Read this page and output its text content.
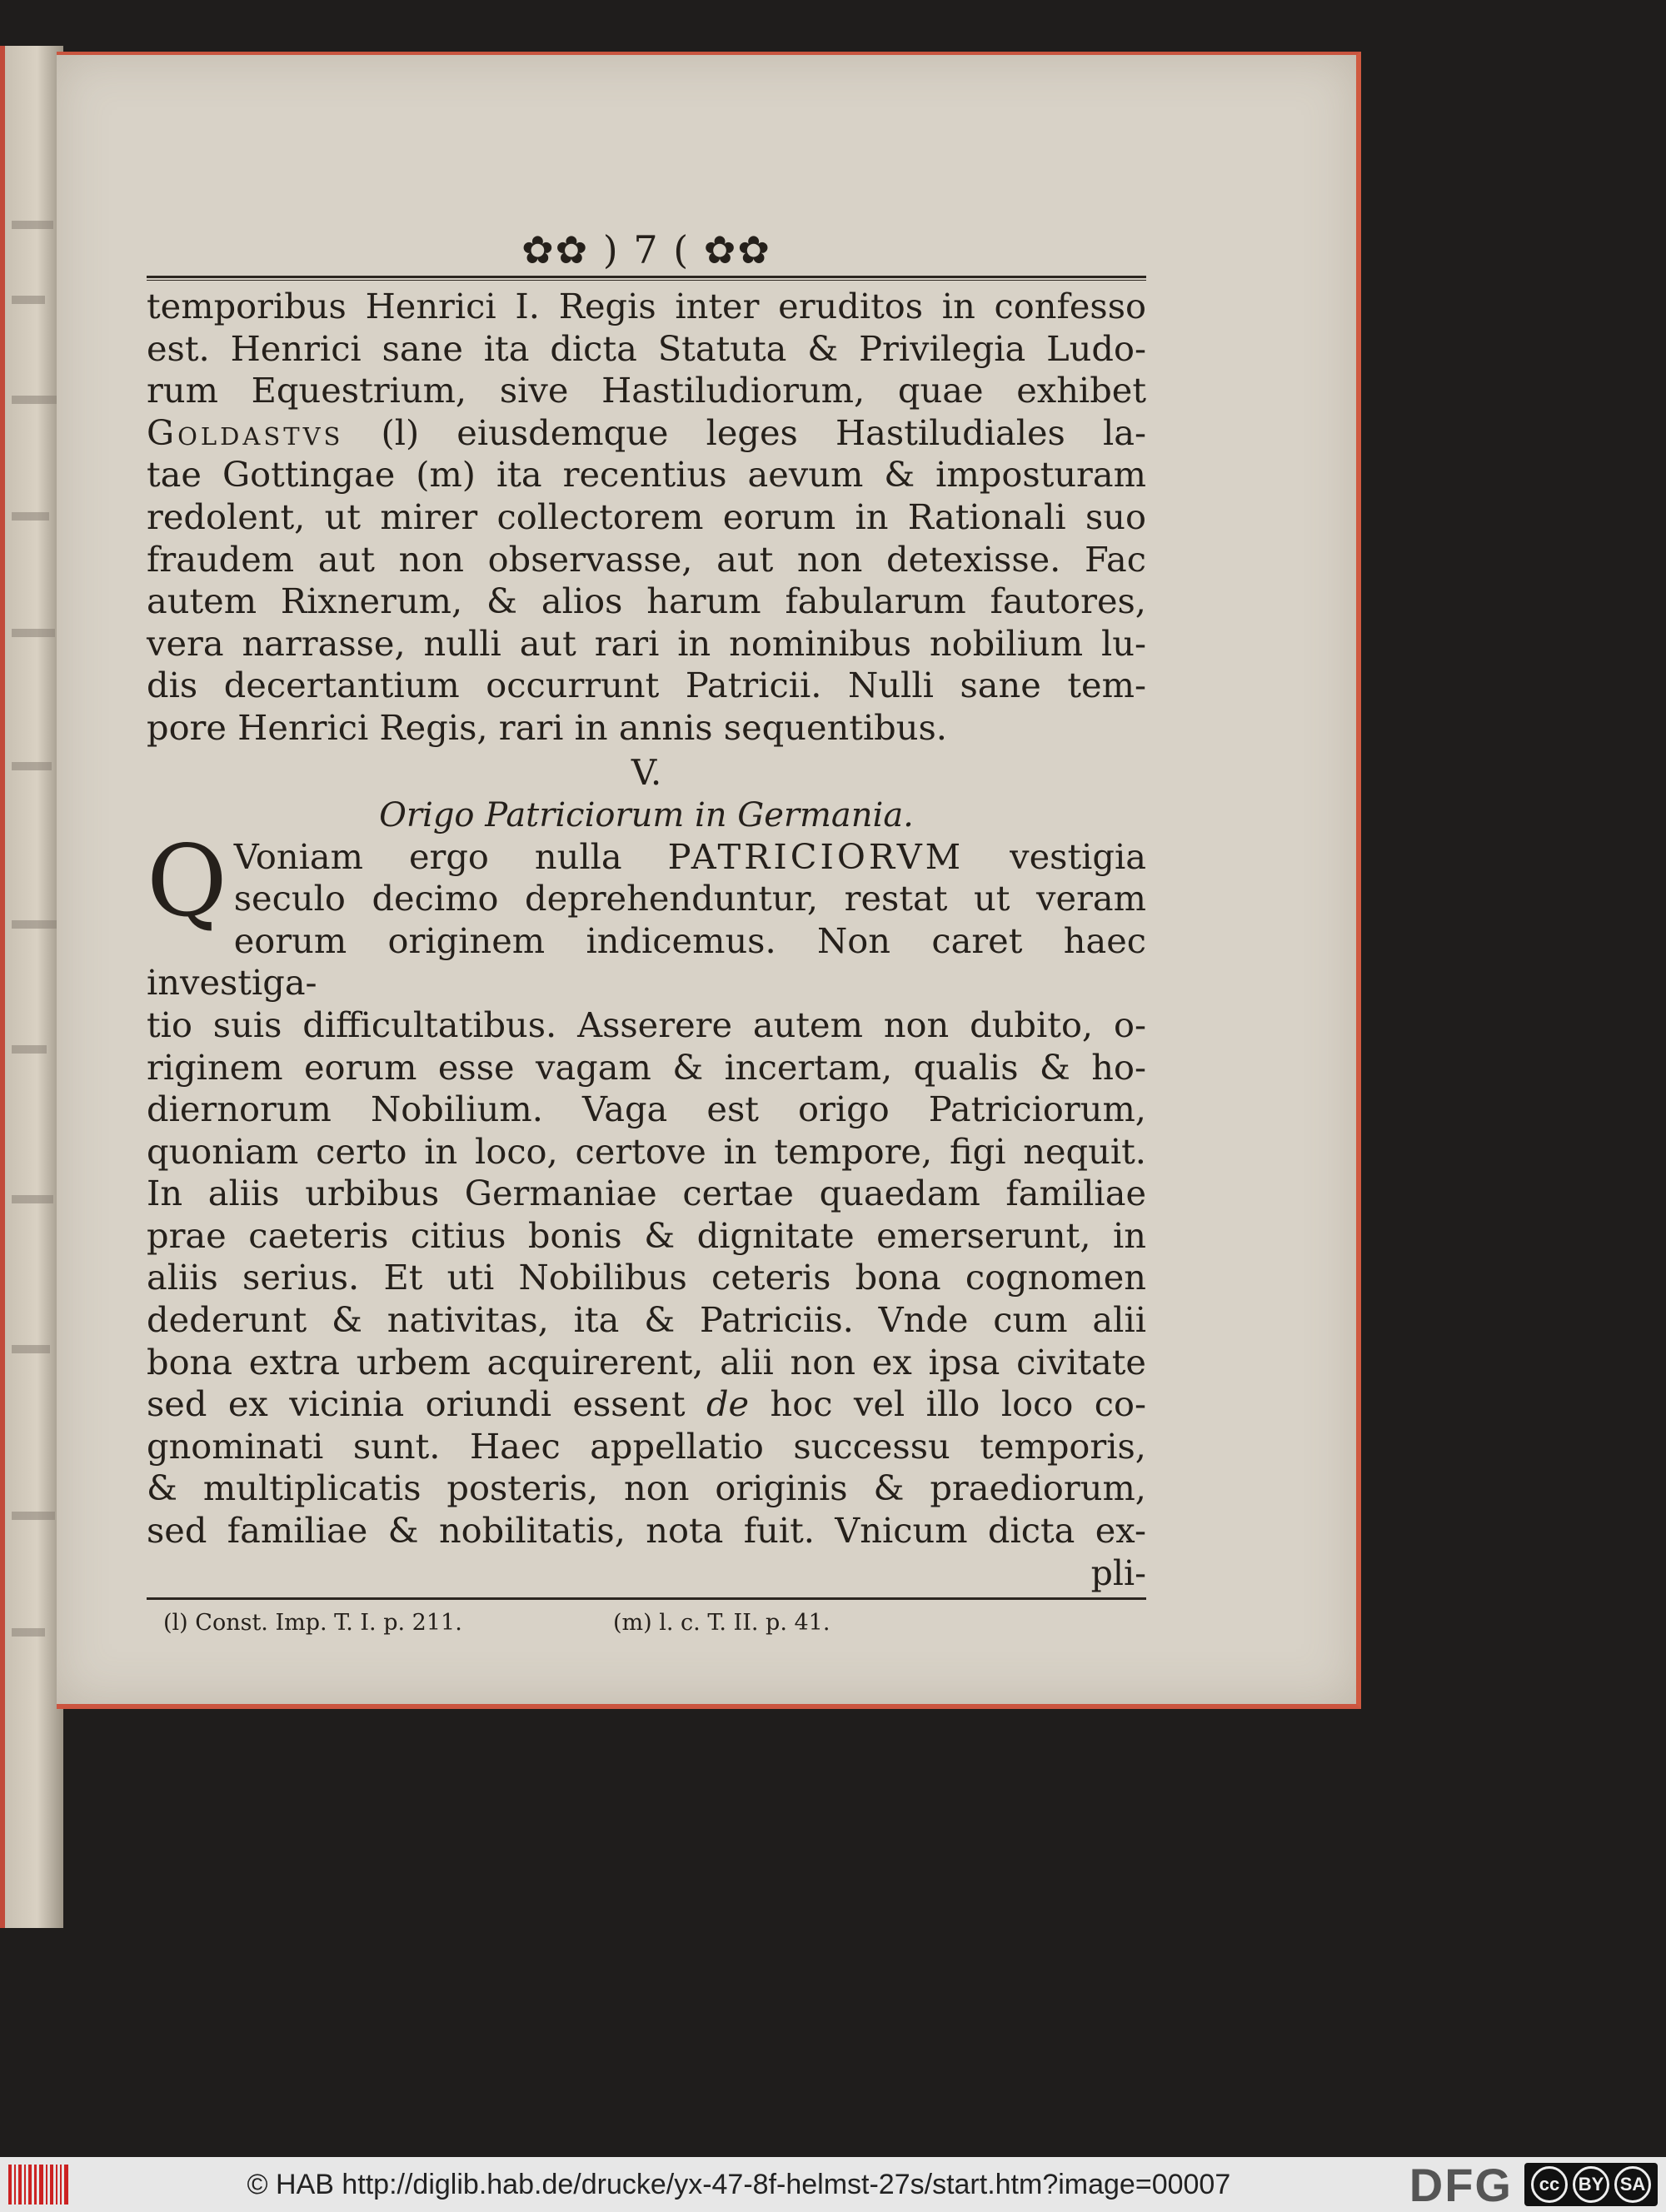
✿✿ ) 7 ( ✿✿

temporibus Henrici I. Regis inter eruditos in confesso

est. Henrici sane ita dicta Statuta & Privilegia Ludo-

rum Equestrium, sive Hastiludiorum, quae exhibet

Goldastvs (l) eiusdemque leges Hastiludiales la-

tae Gottingae (m) ita recentius aevum & imposturam

redolent, ut mirer collectorem eorum in Rationali suo

fraudem aut non observasse, aut non detexisse. Fac

autem Rixnerum, & alios harum fabularum fautores,

vera narrasse, nulli aut rari in nominibus nobilium lu-

dis decertantium occurrunt Patricii. Nulli sane tem-

pore Henrici Regis, rari in annis sequentibus.

V.
Origo Patriciorum in Germania.
Q Voniam ergo nulla PATRICIORVM vestigia

seculo decimo deprehenduntur, restat ut veram

eorum originem indicemus. Non caret haec investiga-

tio suis difficultatibus. Asserere autem non dubito, o-

riginem eorum esse vagam & incertam, qualis & ho-

diernorum Nobilium. Vaga est origo Patriciorum,

quoniam certo in loco, certove in tempore, figi nequit.

In aliis urbibus Germaniae certae quaedam familiae

prae caeteris citius bonis & dignitate emerserunt, in

aliis serius. Et uti Nobilibus ceteris bona cognomen

dederunt & nativitas, ita & Patriciis. Vnde cum alii

bona extra urbem acquirerent, alii non ex ipsa civitate

sed ex vicinia oriundi essent de hoc vel illo loco co-

gnominati sunt. Haec appellatio successu temporis,

& multiplicatis posteris, non originis & praediorum,

sed familiae & nobilitatis, nota fuit. Vnicum dicta ex-

pli-
(l) Const. Imp. T. I. p. 211.	(m) l. c. T. II. p. 41.
© HAB http://diglib.hab.de/drucke/yx-47-8f-helmst-27s/start.htm?image=00007	DFG	cc	BY SA
